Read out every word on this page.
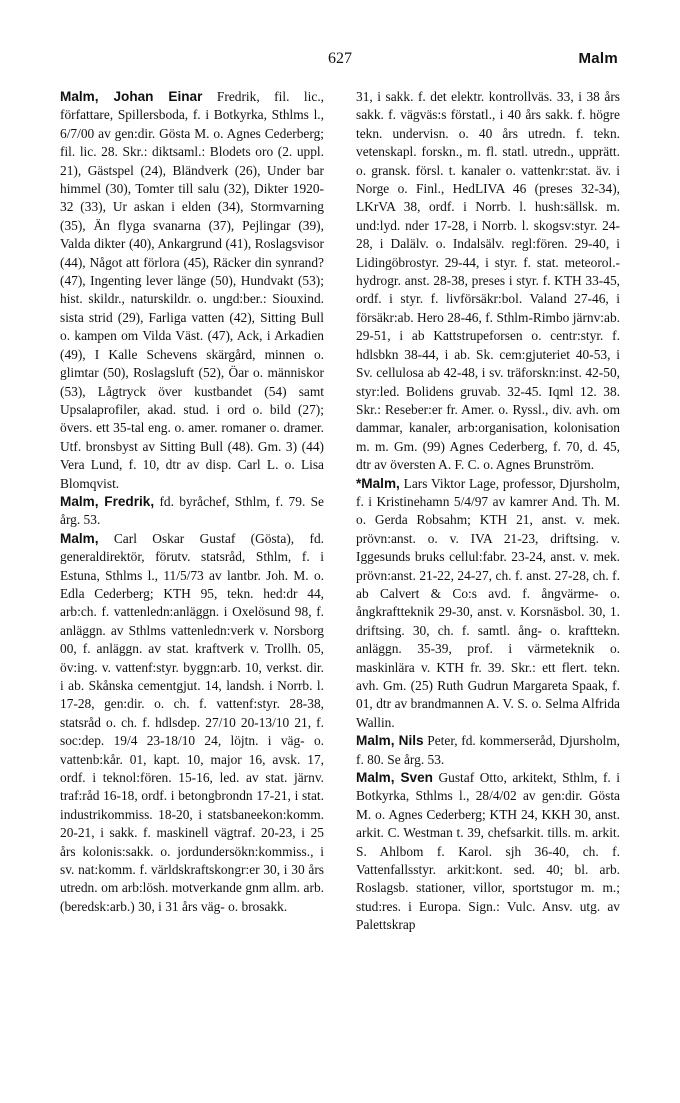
627	Malm

Malm, Johan Einar Fredrik, fil. lic., författare, Spillersboda, f. i Botkyrka, Sthlms l., 6/7/00 av gen:dir. Gösta M. o. Agnes Cederberg; fil. lic. 28. Skr.: diktsaml.: Blodets oro (2. uppl. 21), Gästspel (24), Bländverk (26), Under bar himmel (30), Tomter till salu (32), Dikter 1920-32 (33), Ur askan i elden (34), Stormvarning (35), Än flyga svanarna (37), Pejlingar (39), Valda dikter (40), Ankargrund (41), Roslagsvisor (44), Något att förlora (45), Räcker din synrand? (47), Ingenting lever länge (50), Hundvakt (53); hist. skildr., naturskildr. o. ungd:ber.: Siouxind. sista strid (29), Farliga vatten (42), Sitting Bull o. kampen om Vilda Väst. (47), Ack, i Arkadien (49), I Kalle Schevens skärgård, minnen o. glimtar (50), Roslagsluft (52), Öar o. människor (53), Lågtryck över kustbandet (54) samt Upsalaprofiler, akad. stud. i ord o. bild (27); övers. ett 35-tal eng. o. amer. romaner o. dramer. Utf. bronsbyst av Sitting Bull (48). Gm. 3) (44) Vera Lund, f. 10, dtr av disp. Carl L. o. Lisa Blomqvist.

Malm, Fredrik, fd. byråchef, Sthlm, f. 79. Se årg. 53.

Malm, Carl Oskar Gustaf (Gösta), fd. generaldirektör, förutv. statsråd, Sthlm, f. i Estuna, Sthlms l., 11/5/73 av lantbr. Joh. M. o. Edla Cederberg; KTH 95, tekn. hed:dr 44, arb:ch. f. vattenledn:anläggn. i Oxelösund 98, f. anläggn. av Sthlms vattenledn:verk v. Norsborg 00, f. anläggn. av stat. kraftverk v. Trollh. 05, öv:ing. v. vattenf:styr. byggn:arb. 10, verkst. dir. i ab. Skånska cementgjut. 14, landsh. i Norrb. l. 17-28, gen:dir. o. ch. f. vattenf:styr. 28-38, statsråd o. ch. f. hdlsdep. 27/10 20-13/10 21, f. soc:dep. 19/4 23-18/10 24, löjtn. i väg- o. vattenb:kår. 01, kapt. 10, major 16, avsk. 17, ordf. i teknol:fören. 15-16, led. av stat. järnv. traf:råd 16-18, ordf. i betongbrondn 17-21, i stat. industrikommiss. 18-20, i statsbaneekon:komm. 20-21, i sakk. f. maskinell vägtraf. 20-23, i 25 års kolonis:sakk. o. jordundersökn:kommiss., i sv. nat:komm. f. världskraftskongr:er 30, i 30 års utredn. om arb:lösh. motverkande gnm allm. arb. (beredsk:arb.) 30, i 31 års väg- o. brosakk.

31, i sakk. f. det elektr. kontrollväs. 33, i 38 års sakk. f. vägväs:s förstatl., i 40 års sakk. f. högre tekn. undervisn. o. 40 års utredn. f. tekn. vetenskapl. forskn., m. fl. statl. utredn., upprätt. o. gransk. försl. t. kanaler o. vattenkr:stat. äv. i Norge o. Finl., HedLIVA 46 (preses 32-34), LKrVA 38, ordf. i Norrb. l. hush:sällsk. m. und:lyd. nder 17-28, i Norrb. l. skogsv:styr. 24-28, i Dalälv. o. Indalsälv. regl:fören. 29-40, i Lidingöbrostyr. 29-44, i styr. f. stat. meteorol.-hydrogr. anst. 28-38, preses i styr. f. KTH 33-45, ordf. i styr. f. livförsäkr:bol. Valand 27-46, i försäkr:ab. Hero 28-46, f. Sthlm-Rimbo järnv:ab. 29-51, i ab Kattstrupeforsen o. centr:styr. f. hdlsbkn 38-44, i ab. Sk. cem:gjuteriet 40-53, i Sv. cellulosa ab 42-48, i sv. träforskn:inst. 42-50, styr:led. Bolidens gruvab. 32-45. Iqml 12. 38. Skr.: Reseber:er fr. Amer. o. Ryssl., div. avh. om dammar, kanaler, arb:organisation, kolonisation m. m. Gm. (99) Agnes Cederberg, f. 70, d. 45, dtr av översten A. F. C. o. Agnes Brunström.

*Malm, Lars Viktor Lage, professor, Djursholm, f. i Kristinehamn 5/4/97 av kamrer And. Th. M. o. Gerda Robsahm; KTH 21, anst. v. mek. prövn:anst. o. v. IVA 21-23, driftsing. v. Iggesunds bruks cellul:fabr. 23-24, anst. v. mek. prövn:anst. 21-22, 24-27, ch. f. anst. 27-28, ch. f. ab Calvert & Co:s avd. f. ångvärme- o. ångkraftteknik 29-30, anst. v. Korsnäsbol. 30, 1. driftsing. 30, ch. f. samtl. ång- o. krafttekn. anläggn. 35-39, prof. i värmeteknik o. maskinlära v. KTH fr. 39. Skr.: ett flert. tekn. avh. Gm. (25) Ruth Gudrun Margareta Spaak, f. 01, dtr av brandmannen A. V. S. o. Selma Alfrida Wallin.

Malm, Nils Peter, fd. kommerseråd, Djursholm, f. 80. Se årg. 53.

Malm, Sven Gustaf Otto, arkitekt, Sthlm, f. i Botkyrka, Sthlms l., 28/4/02 av gen:dir. Gösta M. o. Agnes Cederberg; KTH 24, KKH 30, anst. arkit. C. Westman t. 39, chefsarkit. tills. m. arkit. S. Ahlbom f. Karol. sjh 36-40, ch. f. Vattenfallsstyr. arkit:kont. sed. 40; bl. arb. Roslagsb. stationer, villor, sportstugor m. m.; stud:res. i Europa. Sign.: Vulc. Ansv. utg. av Palettskrap
